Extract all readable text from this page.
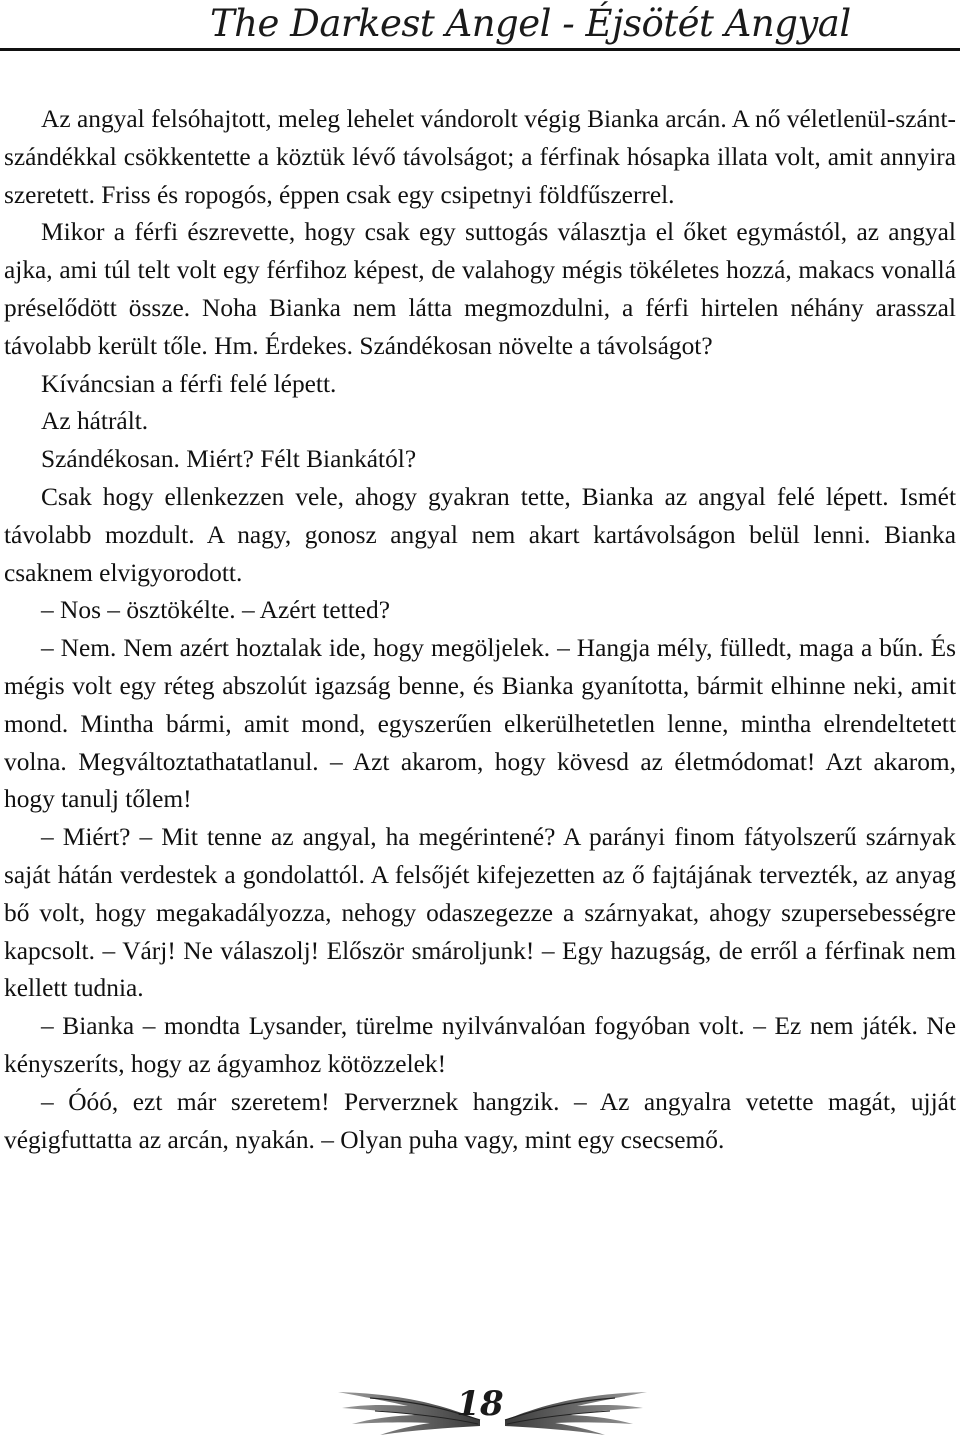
The Darkest Angel - Éjsötét Angyal

Az angyal felsóhajtott, meleg lehelet vándorolt végig Bianka arcán. A nő véletlenül-szánt-szándékkal csökkentette a köztük lévő távolságot; a férfinak hósapka illata volt, amit annyira szeretett. Friss és ropogós, éppen csak egy csipetnyi földfűszerrel.

Mikor a férfi észrevette, hogy csak egy suttogás választja el őket egymástól, az angyal ajka, ami túl telt volt egy férfihoz képest, de valahogy mégis tökéletes hozzá, makacs vonallá préselődött össze. Noha Bianka nem látta megmozdulni, a férfi hirtelen néhány arasszal távolabb került tőle. Hm. Érdekes. Szándékosan növelte a távolságot?

Kíváncsian a férfi felé lépett.

Az hátrált.

Szándékosan. Miért? Félt Biankától?

Csak hogy ellenkezzen vele, ahogy gyakran tette, Bianka az angyal felé lépett. Ismét távolabb mozdult. A nagy, gonosz angyal nem akart kartávolságon belül lenni. Bianka csaknem elvigyorodott.

– Nos – ösztökélte. – Azért tetted?

– Nem. Nem azért hoztalak ide, hogy megöljelek. – Hangja mély, fülledt, maga a bűn. És mégis volt egy réteg abszolút igazság benne, és Bianka gyanította, bármit elhinne neki, amit mond. Mintha bármi, amit mond, egyszerűen elkerülhetetlen lenne, mintha elrendeltetett volna. Megváltoztathatatlanul. – Azt akarom, hogy kövesd az életmódomat! Azt akarom, hogy tanulj tőlem!

– Miért? – Mit tenne az angyal, ha megérintené? A parányi finom fátyolszerű szárnyak saját hátán verdestek a gondolattól. A felsőjét kifejezetten az ő fajtájának tervezték, az anyag bő volt, hogy megakadályozza, nehogy odaszegezze a szárnyakat, ahogy szupersebességre kapcsolt. – Várj! Ne válaszolj! Először smároljunk! – Egy hazugság, de erről a férfinak nem kellett tudnia.

– Bianka – mondta Lysander, türelme nyilvánvalóan fogyóban volt. – Ez nem játék. Ne kényszeríts, hogy az ágyamhoz kötözzelek!

– Óóó, ezt már szeretem! Perverznek hangzik. – Az angyalra vetette magát, ujját végigfuttatta az arcán, nyakán. – Olyan puha vagy, mint egy csecsemő.

18
